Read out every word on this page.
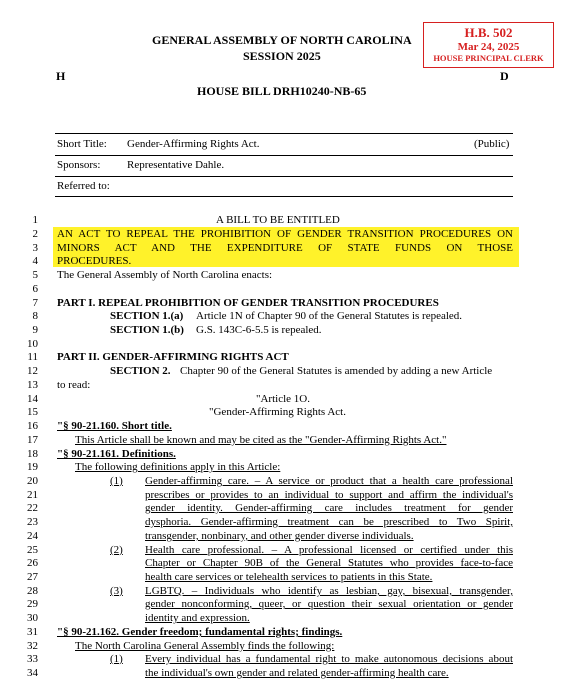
GENERAL ASSEMBLY OF NORTH CAROLINA
SESSION 2025
H	D
HOUSE BILL DRH10240-NB-65
H.B. 502
Mar 24, 2025
HOUSE PRINCIPAL CLERK
Short Title: Gender-Affirming Rights Act.	(Public)
Sponsors: Representative Dahle.
Referred to:
1
2
3
4
5
6
7
8
9
10
11
12
13
14
15
16
17
18
19
20
21
22
23
24
25
26
27
28
29
30
31
32
33
34
A BILL TO BE ENTITLED
AN ACT TO REPEAL THE PROHIBITION OF GENDER TRANSITION PROCEDURES ON
MINORS ACT AND THE EXPENDITURE OF STATE FUNDS ON THOSE
PROCEDURES.
The General Assembly of North Carolina enacts:
PART I. REPEAL PROHIBITION OF GENDER TRANSITION PROCEDURES
SECTION 1.(a) Article 1N of Chapter 90 of the General Statutes is repealed.
SECTION 1.(b) G.S. 143C-6-5.5 is repealed.
PART II. GENDER-AFFIRMING RIGHTS ACT
SECTION 2. Chapter 90 of the General Statutes is amended by adding a new Article
to read:
"Article 1O.
"Gender-Affirming Rights Act.
"§ 90-21.160. Short title.
This Article shall be known and may be cited as the "Gender-Affirming Rights Act."
"§ 90-21.161. Definitions.
The following definitions apply in this Article:
(1) Gender-affirming care. – A service or product that a health care professional
prescribes or provides to an individual to support and affirm the individual's
gender identity. Gender-affirming care includes treatment for gender
dysphoria. Gender-affirming treatment can be prescribed to Two Spirit,
transgender, nonbinary, and other gender diverse individuals.
(2) Health care professional. – A professional licensed or certified under this
Chapter or Chapter 90B of the General Statutes who provides face-to-face
health care services or telehealth services to patients in this State.
(3) LGBTQ. – Individuals who identify as lesbian, gay, bisexual, transgender,
gender nonconforming, queer, or question their sexual orientation or gender
identity and expression.
"§ 90-21.162. Gender freedom; fundamental rights; findings.
The North Carolina General Assembly finds the following:
(1) Every individual has a fundamental right to make autonomous decisions about
the individual's own gender and related gender-affirming health care.
